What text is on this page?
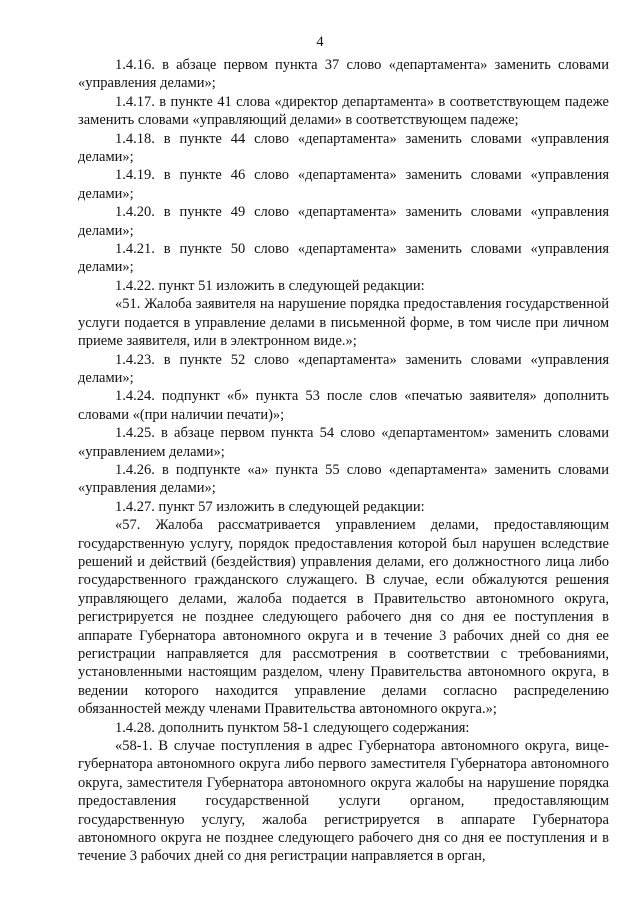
4

1.4.16. в абзаце первом пункта 37 слово «департамента» заменить словами «управления делами»;

1.4.17. в пункте 41 слова «директор департамента» в соответствующем падеже заменить словами «управляющий делами» в соответствующем падеже;

1.4.18. в пункте 44 слово «департамента» заменить словами «управления делами»;

1.4.19. в пункте 46 слово «департамента» заменить словами «управления делами»;

1.4.20. в пункте 49 слово «департамента» заменить словами «управления делами»;

1.4.21. в пункте 50 слово «департамента» заменить словами «управления делами»;

1.4.22. пункт 51 изложить в следующей редакции:

«51. Жалоба заявителя на нарушение порядка предоставления государственной услуги подается в управление делами в письменной форме, в том числе при личном приеме заявителя, или в электронном виде.»;

1.4.23. в пункте 52 слово «департамента» заменить словами «управления делами»;

1.4.24. подпункт «б» пункта 53 после слов «печатью заявителя» дополнить словами «(при наличии печати)»;

1.4.25. в абзаце первом пункта 54 слово «департаментом» заменить словами «управлением делами»;

1.4.26. в подпункте «а» пункта 55 слово «департамента» заменить словами «управления делами»;

1.4.27. пункт 57 изложить в следующей редакции:

«57. Жалоба рассматривается управлением делами, предоставляющим государственную услугу, порядок предоставления которой был нарушен вследствие решений и действий (бездействия) управления делами, его должностного лица либо государственного гражданского служащего. В случае, если обжалуются решения управляющего делами, жалоба подается в Правительство автономного округа, регистрируется не позднее следующего рабочего дня со дня ее поступления в аппарате Губернатора автономного округа и в течение 3 рабочих дней со дня ее регистрации направляется для рассмотрения в соответствии с требованиями, установленными настоящим разделом, члену Правительства автономного округа, в ведении которого находится управление делами согласно распределению обязанностей между членами Правительства автономного округа.»;

1.4.28. дополнить пунктом 58-1 следующего содержания:

«58-1. В случае поступления в адрес Губернатора автономного округа, вице-губернатора автономного округа либо первого заместителя Губернатора автономного округа, заместителя Губернатора автономного округа жалобы на нарушение порядка предоставления государственной услуги органом, предоставляющим государственную услугу, жалоба регистрируется в аппарате Губернатора автономного округа не позднее следующего рабочего дня со дня ее поступления и в течение 3 рабочих дней со дня регистрации направляется в орган,
